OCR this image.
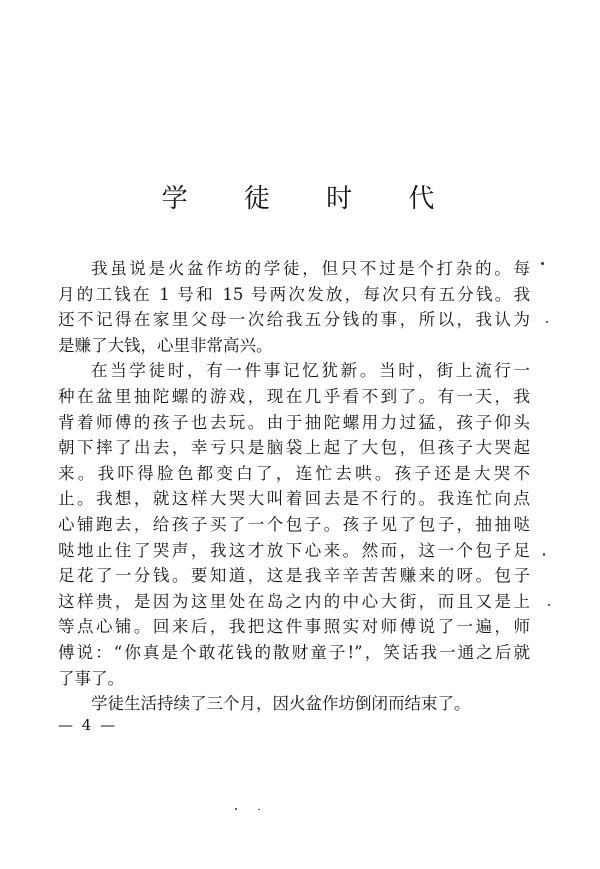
学 徒 时 代
我虽说是火盆作坊的学徒，但只不过是个打杂的。每
月的工钱在 1 号和 15 号两次发放，每次只有五分钱。我
还不记得在家里父母一次给我五分钱的事，所以，我认为
是赚了大钱，心里非常高兴。
在当学徒时，有一件事记忆犹新。当时，街上流行一
种在盆里抽陀螺的游戏，现在几乎看不到了。有一天，我
背着师傅的孩子也去玩。由于抽陀螺用力过猛，孩子仰头
朝下摔了出去，幸亏只是脑袋上起了大包，但孩子大哭起
来。我吓得脸色都变白了，连忙去哄。孩子还是大哭不
止。我想，就这样大哭大叫着回去是不行的。我连忙向点
心铺跑去，给孩子买了一个包子。孩子见了包子，抽抽哒
哒地止住了哭声，我这才放下心来。然而，这一个包子足
足花了一分钱。要知道，这是我辛辛苦苦赚来的呀。包子
这样贵，是因为这里处在岛之内的中心大街，而且又是上
等点心铺。回来后，我把这件事照实对师傅说了一遍，师
傅说：“你真是个敢花钱的散财童子!”，笑话我一通之后就
了事了。
学徒生活持续了三个月，因火盆作坊倒闭而结束了。
— 4 —
